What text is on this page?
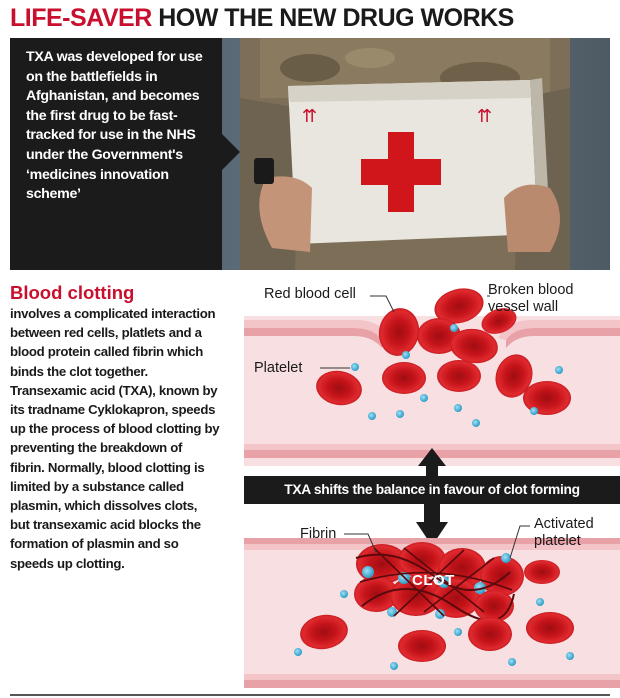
LIFE-SAVER HOW THE NEW DRUG WORKS
⇈	⇈
TXA was developed for use on the battlefields in Afghanistan, and becomes the first drug to be fast-tracked for use in the NHS under the Government's ‘medicines innovation scheme’
Blood clotting
involves a complicated interaction between red cells, platlets and a blood protein called fibrin which binds the clot together. Transexamic acid (TXA), known by its tradname Cyklokapron, speeds up the process of blood clotting by preventing the breakdown of fibrin. Normally, blood clotting is limited by a substance called plasmin, which dissolves clots, but transexamic acid blocks the formation of plasmin and so speeds up clotting.
Red blood cell	Broken blood
vessel wall
Platelet
TXA shifts the balance in favour of clot forming
Fibrin
Activated
platelet
CLOT
